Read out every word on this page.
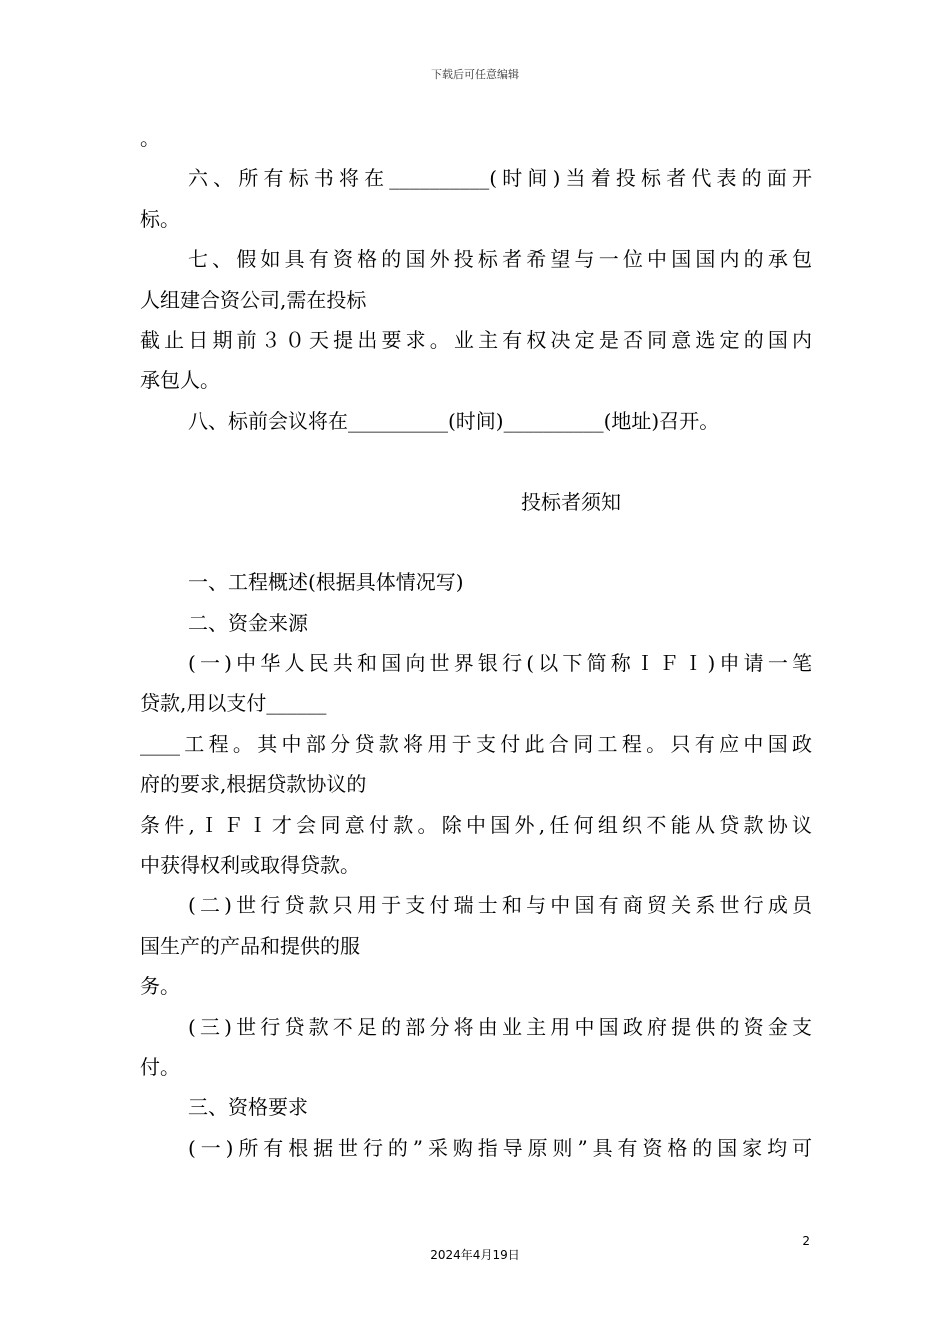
下载后可任意编辑
。
六、所有标书将在__________(时间)当着投标者代表的面开
标。
七、假如具有资格的国外投标者希望与一位中国国内的承包
人组建合资公司,需在投标
截止日期前３０天提出要求。业主有权决定是否同意选定的国内
承包人。
八、标前会议将在__________(时间)__________(地址)召开。
投标者须知
一、工程概述(根据具体情况写)
二、资金来源
(一)中华人民共和国向世界银行(以下简称ＩＦＩ)申请一笔
贷款,用以支付______
____工程。其中部分贷款将用于支付此合同工程。只有应中国政
府的要求,根据贷款协议的
条件,ＩＦＩ才会同意付款。除中国外,任何组织不能从贷款协议
中获得权利或取得贷款。
(二)世行贷款只用于支付瑞士和与中国有商贸关系世行成员
国生产的产品和提供的服
务。
(三)世行贷款不足的部分将由业主用中国政府提供的资金支
付。
三、资格要求
(一)所有根据世行的”采购指导原则”具有资格的国家均可
2
2024年4月19日
